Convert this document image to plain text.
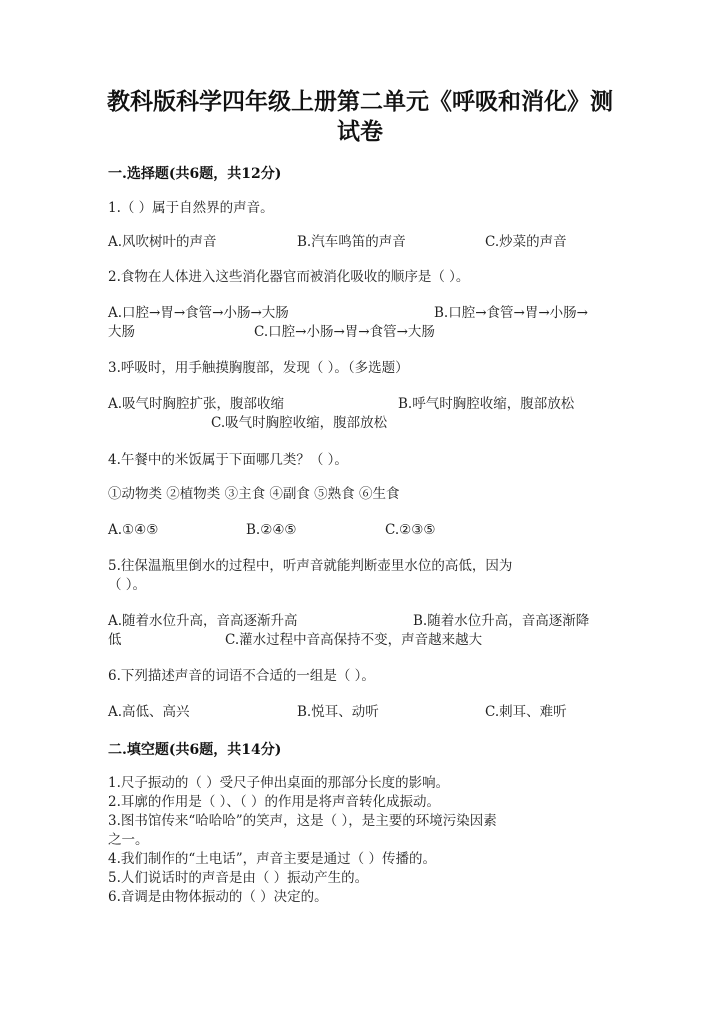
教科版科学四年级上册第二单元《呼吸和消化》测
试卷
一.选择题(共6题，共12分)
1.（ ）属于自然界的声音。
A.风吹树叶的声音	B.汽车鸣笛的声音	C.炒菜的声音
2.食物在人体进入这些消化器官而被消化吸收的顺序是（ ）。
A.口腔→胃→食管→小肠→大肠	B.口腔→食管→胃→小肠→
大肠	C.口腔→小肠→胃→食管→大肠
3.呼吸时，用手触摸胸腹部，发现（ ）。（多选题）
A.吸气时胸腔扩张，腹部收缩	B.呼气时胸腔收缩，腹部放松
C.吸气时胸腔收缩，腹部放松
4.午餐中的米饭属于下面哪几类？（ ）。
①动物类 ②植物类 ③主食 ④副食 ⑤熟食 ⑥生食
A.①④⑤	B.②④⑤	C.②③⑤
5.往保温瓶里倒水的过程中，听声音就能判断壶里水位的高低，因为
（ ）。
A.随着水位升高，音高逐渐升高	B.随着水位升高，音高逐渐降
低	C.灌水过程中音高保持不变，声音越来越大
6.下列描述声音的词语不合适的一组是（ ）。
A.高低、高兴	B.悦耳、动听	C.刺耳、难听
二.填空题(共6题，共14分)
1.尺子振动的（ ）受尺子伸出桌面的那部分长度的影响。
2.耳廓的作用是（ ）、（ ）的作用是将声音转化成振动。
3.图书馆传来“哈哈哈”的笑声，这是（ ），是主要的环境污染因素
之一。
4.我们制作的“土电话”，声音主要是通过（ ）传播的。
5.人们说话时的声音是由（ ）振动产生的。
6.音调是由物体振动的（ ）决定的。
